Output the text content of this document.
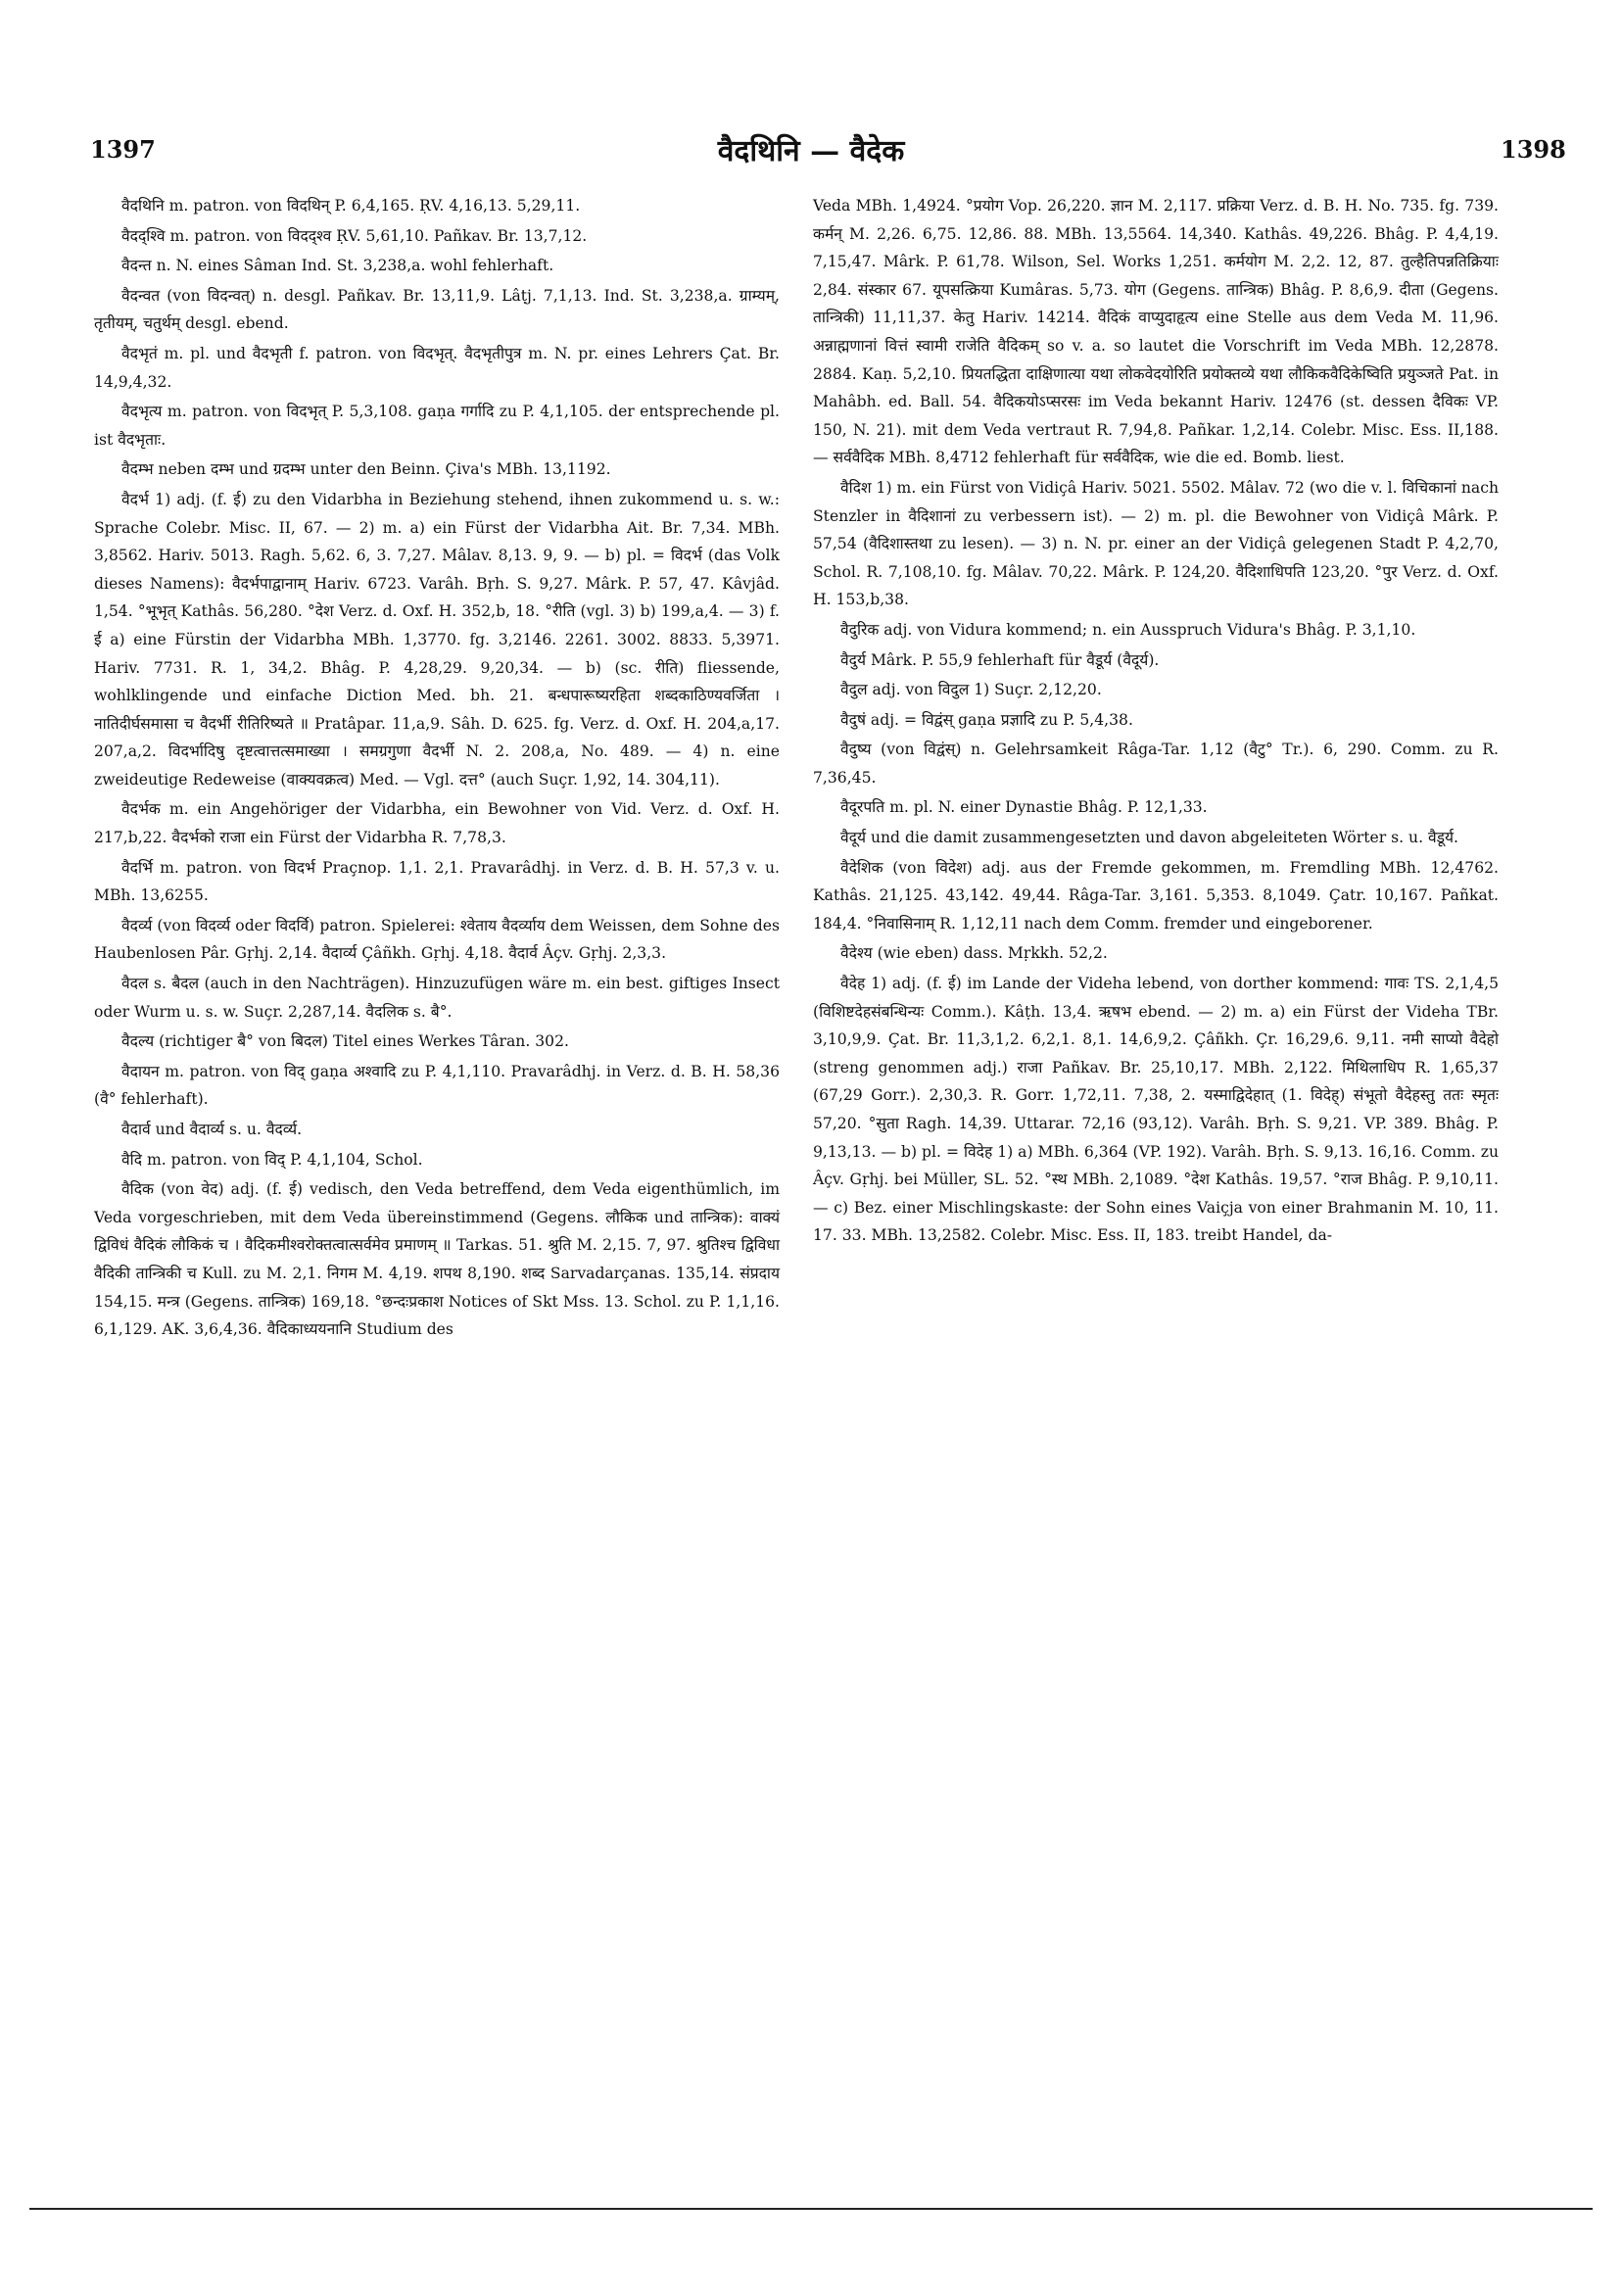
1397	वैदथिनि — वैदेक	1398

वैदथिनि m. patron. von विदथिन् P. 6,4,165. ṚV. 4,16,13. 5,29,11.

वैदद्श्वि m. patron. von विदद्श्व ṚV. 5,61,10. Pañkav. Br. 13,7,12.

वैदन्त n. N. eines Sâman Ind. St. 3,238,a. wohl fehlerhaft.

वैदन्वत (von विदन्वत्) n. desgl. Pañkav. Br. 13,11,9. Lâṭj. 7,1,13. Ind. St. 3,238,a. ग्राम्यम्, तृतीयम्, चतुर्थम् desgl. ebend.

वैदभृतं m. pl. und वैदभृती f. patron. von विदभृत्. वैदभृतीपुत्र m. N. pr. eines Lehrers Çat. Br. 14,9,4,32.

वैदभृत्य m. patron. von विदभृत् P. 5,3,108. gaṇa गर्गादि zu P. 4,1,105. der entsprechende pl. ist वैदभृताः.

वैदम्भ neben दम्भ und ग्रदम्भ unter den Beinn. Çiva's MBh. 13,1192.

वैदर्भ 1) adj. (f. ई) zu den Vidarbha in Beziehung stehend, ihnen zukommend u. s. w.: Sprache Colebr. Misc. II, 67. — 2) m. a) ein Fürst der Vidarbha Ait. Br. 7,34. MBh. 3,8562. Hariv. 5013. Ragh. 5,62. 6, 3. 7,27. Mâlav. 8,13. 9, 9. — b) pl. = विदर्भ (das Volk dieses Namens): वैदर्भपाद्वानाम् Hariv. 6723. Varâh. Bṛh. S. 9,27. Mârk. P. 57, 47. Kâvjâd. 1,54. °भूभृत् Kathâs. 56,280. °देश Verz. d. Oxf. H. 352,b, 18. °रीति (vgl. 3) b) 199,a,4. — 3) f. ई a) eine Fürstin der Vidarbha MBh. 1,3770. fg. 3,2146. 2261. 3002. 8833. 5,3971. Hariv. 7731. R. 1, 34,2. Bhâg. P. 4,28,29. 9,20,34. — b) (sc. रीति) fliessende, wohlklingende und einfache Diction Med. bh. 21. बन्धपारूष्यरहिता शब्दकाठिण्यवर्जिता । नातिदीर्घसमासा च वैदर्भी रीतिरिष्यते ॥ Pratâpar. 11,a,9. Sâh. D. 625. fg. Verz. d. Oxf. H. 204,a,17. 207,a,2. विदर्भादिषु दृष्टत्वात्तत्समाख्या । समग्रगुणा वैदर्भी N. 2. 208,a, No. 489. — 4) n. eine zweideutige Redeweise (वाक्यवक्रत्व) Med. — Vgl. दत्त° (auch Suçr. 1,92, 14. 304,11).

वैदर्भक m. ein Angehöriger der Vidarbha, ein Bewohner von Vid. Verz. d. Oxf. H. 217,b,22. वैदर्भको राजा ein Fürst der Vidarbha R. 7,78,3.

वैदर्भि m. patron. von विदर्भ Praçnop. 1,1. 2,1. Pravarâdhj. in Verz. d. B. H. 57,3 v. u. MBh. 13,6255.

वैदर्व्य (von विदर्व्य oder विदर्वि) patron. Spielerei: श्वेताय वैदर्व्याय dem Weissen, dem Sohne des Haubenlosen Pâr. Gṛhj. 2,14. वैदार्व्य Çâñkh. Gṛhj. 4,18. वैदार्व Âçv. Gṛhj. 2,3,3.

वैदल s. बैदल (auch in den Nachträgen). Hinzuzufügen wäre m. ein best. giftiges Insect oder Wurm u. s. w. Suçr. 2,287,14. वैदलिक s. बै°.

वैदल्य (richtiger बै° von बिदल) Titel eines Werkes Târan. 302.

वैदायन m. patron. von विद् gaṇa अश्वादि zu P. 4,1,110. Pravarâdhj. in Verz. d. B. H. 58,36 (वै° fehlerhaft).

वैदार्व und वैदार्व्य s. u. वैदर्व्य.

वैदि m. patron. von विद् P. 4,1,104, Schol.

वैदिक (von वेद) adj. (f. ई) vedisch, den Veda betreffend, dem Veda eigenthümlich, im Veda vorgeschrieben, mit dem Veda übereinstimmend (Gegens. लौकिक und तान्त्रिक): वाक्यं द्विविधं वैदिकं लौकिकं च । वैदिकमीश्वरोक्तत्वात्सर्वमेव प्रमाणम् ॥ Tarkas. 51. श्रुति M. 2,15. 7, 97. श्रुतिश्च द्विविधा वैदिकी तान्त्रिकी च Kull. zu M. 2,1. निगम M. 4,19. शपथ 8,190. शब्द Sarvadarçanas. 135,14. संप्रदाय 154,15. मन्त्र (Gegens. तान्त्रिक) 169,18. °छन्दःप्रकाश Notices of Skt Mss. 13. Schol. zu P. 1,1,16. 6,1,129. AK. 3,6,4,36. वैदिकाध्ययनानि Studium des

Veda MBh. 1,4924. °प्रयोग Vop. 26,220. ज्ञान M. 2,117. प्रक्रिया Verz. d. B. H. No. 735. fg. 739. कर्मन् M. 2,26. 6,75. 12,86. 88. MBh. 13,5564. 14,340. Kathâs. 49,226. Bhâg. P. 4,4,19. 7,15,47. Mârk. P. 61,78. Wilson, Sel. Works 1,251. कर्मयोग M. 2,2. 12, 87. तुल्हैतिपन्नतिक्रियाः 2,84. संस्कार 67. यूपसत्क्रिया Kumâras. 5,73. योग (Gegens. तान्त्रिक) Bhâg. P. 8,6,9. दीता (Gegens. तान्त्रिकी) 11,11,37. केतु Hariv. 14214. वैदिकं वाप्युदाहृत्य eine Stelle aus dem Veda M. 11,96. अन्नाह्मणानां वित्तं स्वामी राजेति वैदिकम् so v. a. so lautet die Vorschrift im Veda MBh. 12,2878. 2884. Kaṇ. 5,2,10. प्रियतद्धिता दाक्षिणात्या यथा लोकवेदयोरिति प्रयोक्तव्ये यथा लौकिकवैदिकेष्विति प्रयुञ्जते Pat. in Mahâbh. ed. Ball. 54. वैदिकयोऽप्सरसः im Veda bekannt Hariv. 12476 (st. dessen दैविकः VP. 150, N. 21). mit dem Veda vertraut R. 7,94,8. Pañkar. 1,2,14. Colebr. Misc. Ess. II,188. — सर्ववैदिक MBh. 8,4712 fehlerhaft für सर्ववैदिक, wie die ed. Bomb. liest.

वैदिश 1) m. ein Fürst von Vidiçâ Hariv. 5021. 5502. Mâlav. 72 (wo die v. l. विचिकानां nach Stenzler in वैदिशानां zu verbessern ist). — 2) m. pl. die Bewohner von Vidiçâ Mârk. P. 57,54 (वैदिशास्तथा zu lesen). — 3) n. N. pr. einer an der Vidiçâ gelegenen Stadt P. 4,2,70, Schol. R. 7,108,10. fg. Mâlav. 70,22. Mârk. P. 124,20. वैदिशाधिपति 123,20. °पुर Verz. d. Oxf. H. 153,b,38.

वैदुरिक adj. von Vidura kommend; n. ein Ausspruch Vidura's Bhâg. P. 3,1,10.

वैदुर्य Mârk. P. 55,9 fehlerhaft für वैडूर्य (वैदूर्य).

वैदुल adj. von विदुल 1) Suçr. 2,12,20.

वैदुषं adj. = विद्वंस् gaṇa प्रज्ञादि zu P. 5,4,38.

वैदुष्य (von विद्वंस्) n. Gelehrsamkeit Râga-Tar. 1,12 (वैटु° Tr.). 6, 290. Comm. zu R. 7,36,45.

वैदूरपति m. pl. N. einer Dynastie Bhâg. P. 12,1,33.

वैदूर्य und die damit zusammengesetzten und davon abgeleiteten Wörter s. u. वैडूर्य.

वैदेशिक (von विदेश) adj. aus der Fremde gekommen, m. Fremdling MBh. 12,4762. Kathâs. 21,125. 43,142. 49,44. Râga-Tar. 3,161. 5,353. 8,1049. Çatr. 10,167. Pañkat. 184,4. °निवासिनाम् R. 1,12,11 nach dem Comm. fremder und eingeborener.

वैदेश्य (wie eben) dass. Mṛkkh. 52,2.

वैदेह 1) adj. (f. ई) im Lande der Videha lebend, von dorther kommend: गावः TS. 2,1,4,5 (विशिष्टदेहसंबन्धिन्यः Comm.). Kâṭh. 13,4. ऋषभ ebend. — 2) m. a) ein Fürst der Videha TBr. 3,10,9,9. Çat. Br. 11,3,1,2. 6,2,1. 8,1. 14,6,9,2. Çâñkh. Çr. 16,29,6. 9,11. नमी साप्यो वैदेहो (streng genommen adj.) राजा Pañkav. Br. 25,10,17. MBh. 2,122. मिथिलाधिप R. 1,65,37 (67,29 Gorr.). 2,30,3. R. Gorr. 1,72,11. 7,38, 2. यस्माद्विदेहात् (1. विदेह्) संभूतो वैदेहस्तु ततः स्मृतः 57,20. °सुता Ragh. 14,39. Uttarar. 72,16 (93,12). Varâh. Bṛh. S. 9,21. VP. 389. Bhâg. P. 9,13,13. — b) pl. = विदेह 1) a) MBh. 6,364 (VP. 192). Varâh. Bṛh. S. 9,13. 16,16. Comm. zu Âçv. Gṛhj. bei Müller, SL. 52. °स्थ MBh. 2,1089. °देश Kathâs. 19,57. °राज Bhâg. P. 9,10,11. — c) Bez. einer Mischlingskaste: der Sohn eines Vaiçja von einer Brahmanin M. 10, 11. 17. 33. MBh. 13,2582. Colebr. Misc. Ess. II, 183. treibt Handel, da-
